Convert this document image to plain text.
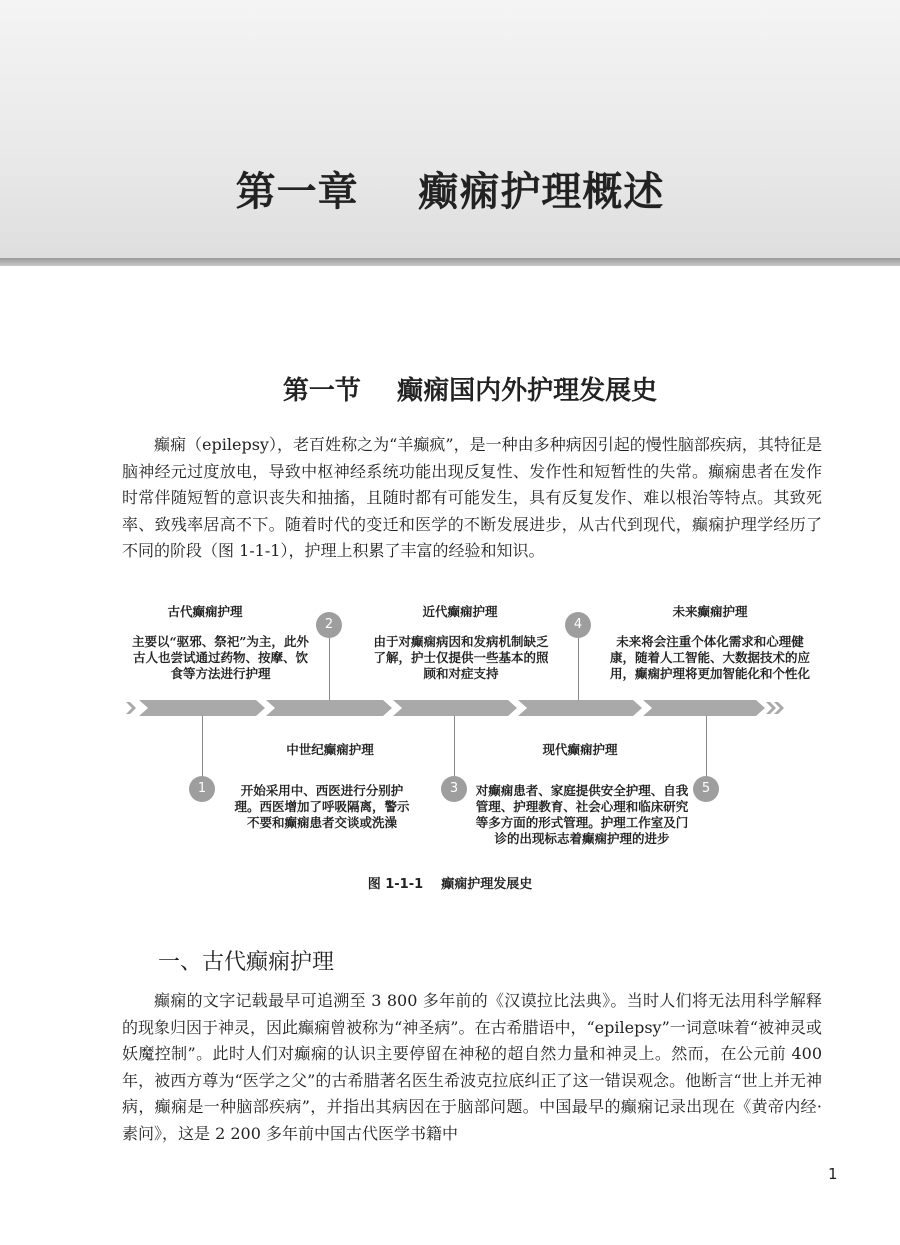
第一章    癫痫护理概述
第一节    癫痫国内外护理发展史
癫痫（epilepsy），老百姓称之为“羊癫疯”，是一种由多种病因引起的慢性脑部疾病，其特征是脑神经元过度放电，导致中枢神经系统功能出现反复性、发作性和短暂性的失常。癫痫患者在发作时常伴随短暂的意识丧失和抽搐，且随时都有可能发生，具有反复发作、难以根治等特点。其致死率、致残率居高不下。随着时代的变迁和医学的不断发展进步，从古代到现代，癫痫护理学经历了不同的阶段（图 1-1-1），护理上积累了丰富的经验和知识。
古代癫痫护理
主要以“驱邪、祭祀”为主，此外古人也尝试通过药物、按摩、饮食等方法进行护理
1
2
中世纪癫痫护理
开始采用中、西医进行分别护理。西医增加了呼吸隔离，警示不要和癫痫患者交谈或洗澡
近代癫痫护理
由于对癫痫病因和发病机制缺乏了解，护士仅提供一些基本的照顾和对症支持
3
4
现代癫痫护理
对癫痫患者、家庭提供安全护理、自我管理、护理教育、社会心理和临床研究等多方面的形式管理。护理工作室及门诊的出现标志着癫痫护理的进步
未来癫痫护理
未来将会注重个体化需求和心理健康，随着人工智能、大数据技术的应用，癫痫护理将更加智能化和个性化
5
图 1-1-1    癫痫护理发展史
一、古代癫痫护理
癫痫的文字记载最早可追溯至 3 800 多年前的《汉谟拉比法典》。当时人们将无法用科学解释的现象归因于神灵，因此癫痫曾被称为“神圣病”。在古希腊语中，“epilepsy”一词意味着“被神灵或妖魔控制”。此时人们对癫痫的认识主要停留在神秘的超自然力量和神灵上。然而，在公元前 400 年，被西方尊为“医学之父”的古希腊著名医生希波克拉底纠正了这一错误观念。他断言“世上并无神病，癫痫是一种脑部疾病”，并指出其病因在于脑部问题。中国最早的癫痫记录出现在《黄帝内经·素问》，这是 2 200 多年前中国古代医学书籍中
1
